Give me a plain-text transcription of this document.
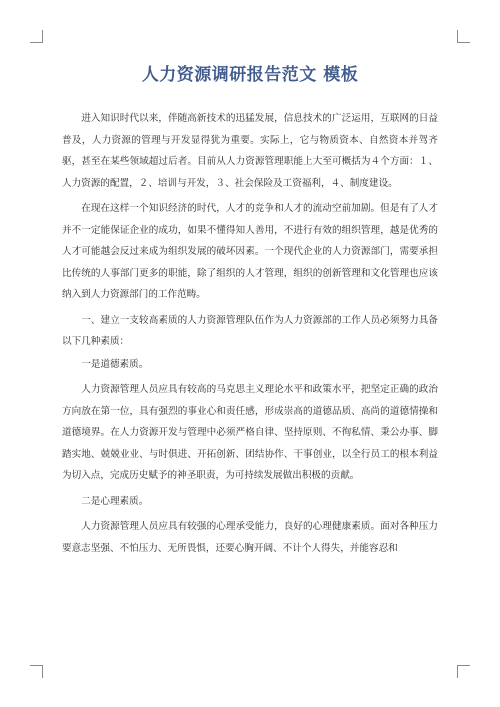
人力资源调研报告范文 模板

进入知识时代以来，伴随高新技术的迅猛发展，信息技术的广泛运用，互联网的日益普及，人力资源的管理与开发显得犹为重要。实际上，它与物质资本、自然资本并驾齐驱，甚至在某些领域超过后者。目前从人力资源管理职能上大至可概括为４个方面：１、人力资源的配置，２、培训与开发，３、社会保险及工资福利，４、制度建设。

在现在这样一个知识经济的时代，人才的竞争和人才的流动空前加剧。但是有了人才并不一定能保证企业的成功，如果不懂得知人善用，不进行有效的组织管理，越是优秀的人才可能越会反过来成为组织发展的破坏因素。一个现代企业的人力资源部门，需要承担比传统的人事部门更多的职能，除了组织的人才管理，组织的创新管理和文化管理也应该纳入到人力资源部门的工作范畴。

一、建立一支较高素质的人力资源管理队伍作为人力资源部的工作人员必须努力具备以下几种素质：

一是道德素质。

人力资源管理人员应具有较高的马克思主义理论水平和政策水平，把坚定正确的政治方向放在第一位，具有强烈的事业心和责任感，形成崇高的道德品质、高尚的道德情操和道德境界。在人力资源开发与管理中必须严格自律、坚持原则、不徇私情、秉公办事、脚踏实地、兢兢业业、与时俱进、开拓创新、团结协作、干事创业，以全行员工的根本利益为切入点，完成历史赋予的神圣职责，为可持续发展做出积极的贡献。

二是心理素质。

人力资源管理人员应具有较强的心理承受能力，良好的心理健康素质。面对各种压力要意志坚强、不怕压力、无所畏惧，还要心胸开阔、不计个人得失，并能容忍和
